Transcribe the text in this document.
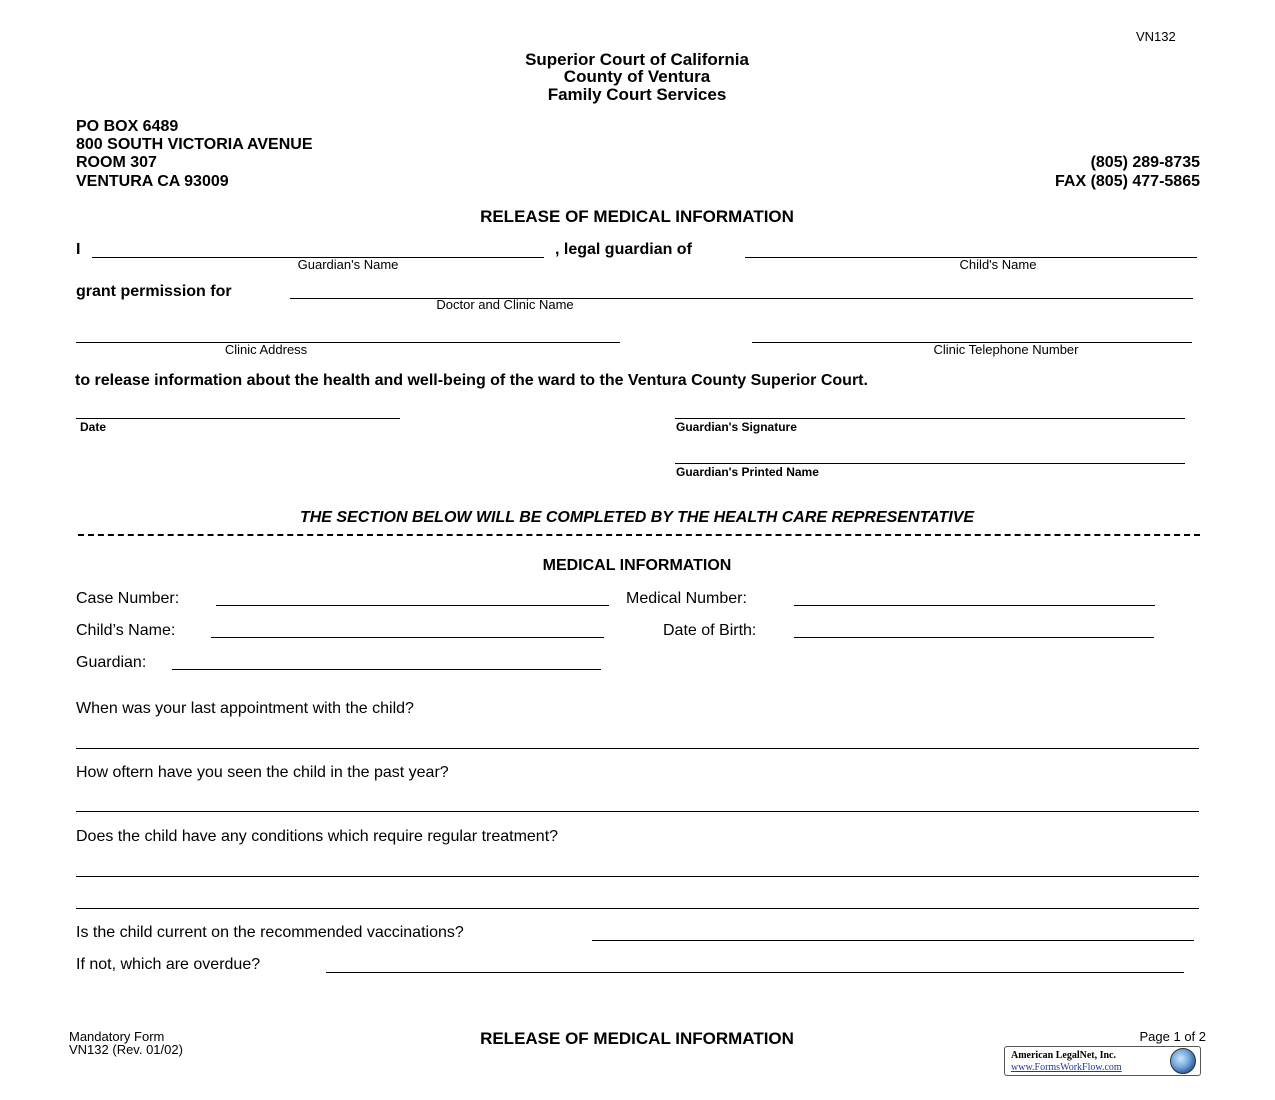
VN132
Superior Court of California
County of Ventura
Family Court Services
PO BOX 6489
800 SOUTH VICTORIA AVENUE
ROOM 307
VENTURA CA 93009
(805) 289-8735
FAX (805) 477-5865
RELEASE OF MEDICAL INFORMATION
I	, legal guardian of
Guardian's Name	Child's Name
grant permission for
Doctor and Clinic Name
Clinic Address	Clinic Telephone Number
to release information about the health and well-being of the ward to the Ventura County Superior Court.
Date	Guardian's Signature
Guardian's Printed Name
THE SECTION BELOW WILL BE COMPLETED BY THE HEALTH CARE REPRESENTATIVE
MEDICAL INFORMATION
Case Number:	Medical Number:
Child’s Name:	Date of Birth:
Guardian:
When was your last appointment with the child?
How oftern have you seen the child in the past year?
Does the child have any conditions which require regular treatment?
Is the child current on the recommended vaccinations?
If not, which are overdue?
Mandatory Form
VN132 (Rev. 01/02)
RELEASE OF MEDICAL INFORMATION	Page 1 of 2
American LegalNet, Inc.
www.FormsWorkFlow.com
